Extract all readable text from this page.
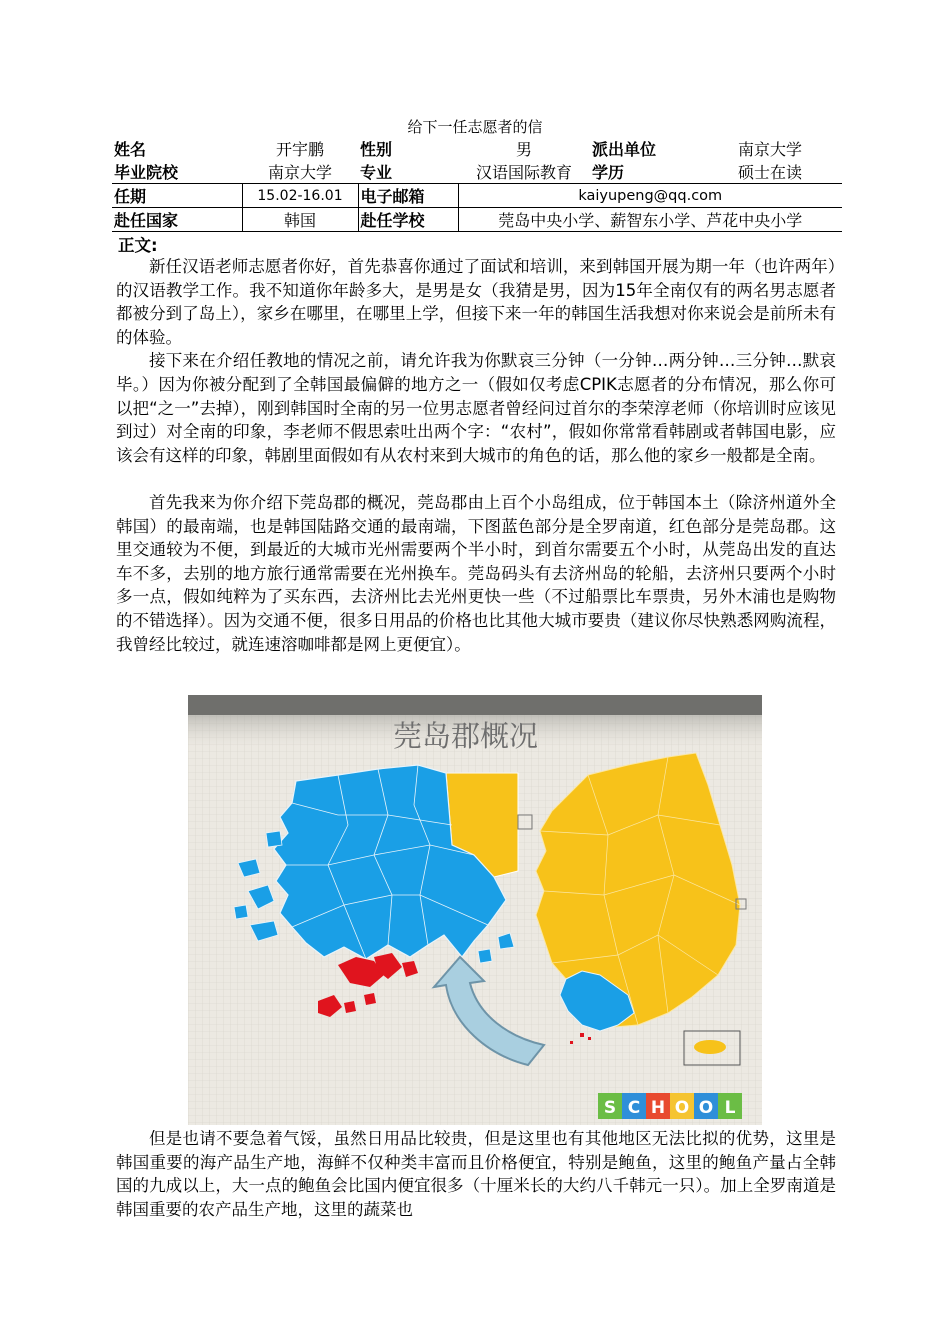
给下一任志愿者的信
姓名	开宇鹏	性别	男	派出单位	南京大学
毕业院校	南京大学	专业	汉语国际教育	学历	硕士在读
任期	15.02-16.01	电子邮箱	kaiyupeng@qq.com		
赴任国家	韩国	赴任学校	莞岛中央小学、薪智东小学、芦花中央小学		
正文:

新任汉语老师志愿者你好，首先恭喜你通过了面试和培训，来到韩国开展为期一年（也许两年）的汉语教学工作。我不知道你年龄多大，是男是女（我猜是男，因为15年全南仅有的两名男志愿者都被分到了岛上），家乡在哪里，在哪里上学，但接下来一年的韩国生活我想对你来说会是前所未有的体验。

接下来在介绍任教地的情况之前，请允许我为你默哀三分钟（一分钟…两分钟…三分钟…默哀毕。）因为你被分配到了全韩国最偏僻的地方之一（假如仅考虑CPIK志愿者的分布情况，那么你可以把“之一”去掉），刚到韩国时全南的另一位男志愿者曾经问过首尔的李荣淳老师（你培训时应该见到过）对全南的印象，李老师不假思索吐出两个字：“农村”，假如你常常看韩剧或者韩国电影，应该会有这样的印象，韩剧里面假如有从农村来到大城市的角色的话，那么他的家乡一般都是全南。

首先我来为你介绍下莞岛郡的概况，莞岛郡由上百个小岛组成，位于韩国本土（除济州道外全韩国）的最南端，也是韩国陆路交通的最南端，下图蓝色部分是全罗南道，红色部分是莞岛郡。这里交通较为不便，到最近的大城市光州需要两个半小时，到首尔需要五个小时，从莞岛出发的直达车不多，去别的地方旅行通常需要在光州换车。莞岛码头有去济州岛的轮船，去济州只要两个小时多一点，假如纯粹为了买东西，去济州比去光州更快一些（不过船票比车票贵，另外木浦也是购物的不错选择）。因为交通不便，很多日用品的价格也比其他大城市要贵（建议你尽快熟悉网购流程，我曾经比较过，就连速溶咖啡都是网上更便宜）。

莞岛郡概况
S C H O O L

但是也请不要急着气馁，虽然日用品比较贵，但是这里也有其他地区无法比拟的优势，这里是韩国重要的海产品生产地，海鲜不仅种类丰富而且价格便宜，特别是鲍鱼，这里的鲍鱼产量占全韩国的九成以上，大一点的鲍鱼会比国内便宜很多（十厘米长的大约八千韩元一只）。加上全罗南道是韩国重要的农产品生产地，这里的蔬菜也
